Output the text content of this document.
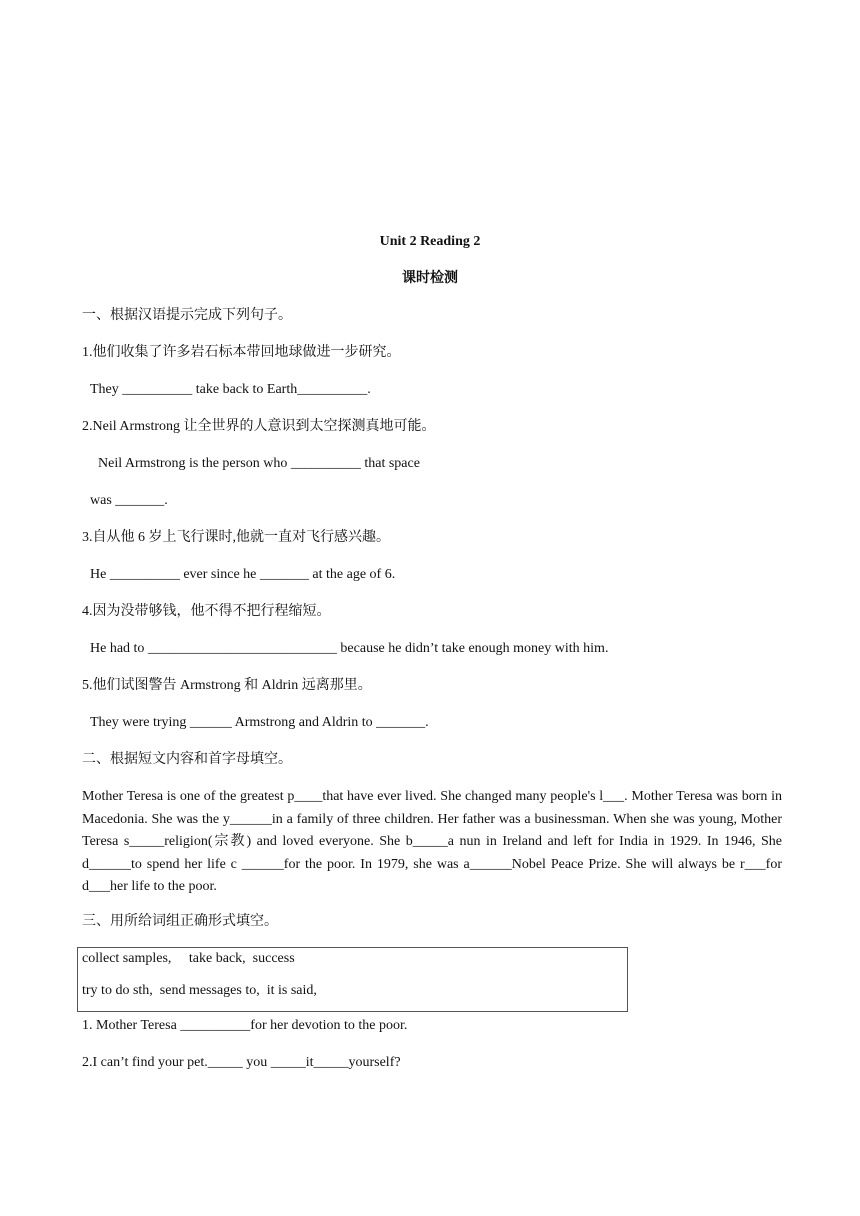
Unit 2 Reading 2
课时检测
一、根据汉语提示完成下列句子。
1.他们收集了许多岩石标本带回地球做进一步研究。
They __________ take back to Earth__________.
2.Neil Armstrong 让全世界的人意识到太空探测真地可能。
Neil Armstrong is the person who __________ that space
was _______.
3.自从他 6 岁上飞行课时,他就一直对飞行感兴趣。
He __________ ever since he _______ at the age of 6.
4.因为没带够钱，他不得不把行程缩短。
He had to ___________________________ because he didn’t take enough money with him.
5.他们试图警告 Armstrong 和 Aldrin 远离那里。
They were trying ______ Armstrong and Aldrin to _______.
二、根据短文内容和首字母填空。
Mother Teresa is one of the greatest p____that have ever lived. She changed many people's l___. Mother Teresa was born in Macedonia. She was the y______in a family of three children. Her father was a businessman. When she was young, Mother Teresa s_____religion(宗教) and loved everyone. She b_____a nun in Ireland and left for India in 1929. In 1946, She d______to spend her life c ______for the poor. In 1979, she was a______Nobel Peace Prize. She will always be r___for d___her life to the poor.
三、用所给词组正确形式填空。
collect samples,     take back,  success
try to do sth,  send messages to,  it is said,
1. Mother Teresa __________for her devotion to the poor.
2.I can’t find your pet._____ you _____it_____yourself?
